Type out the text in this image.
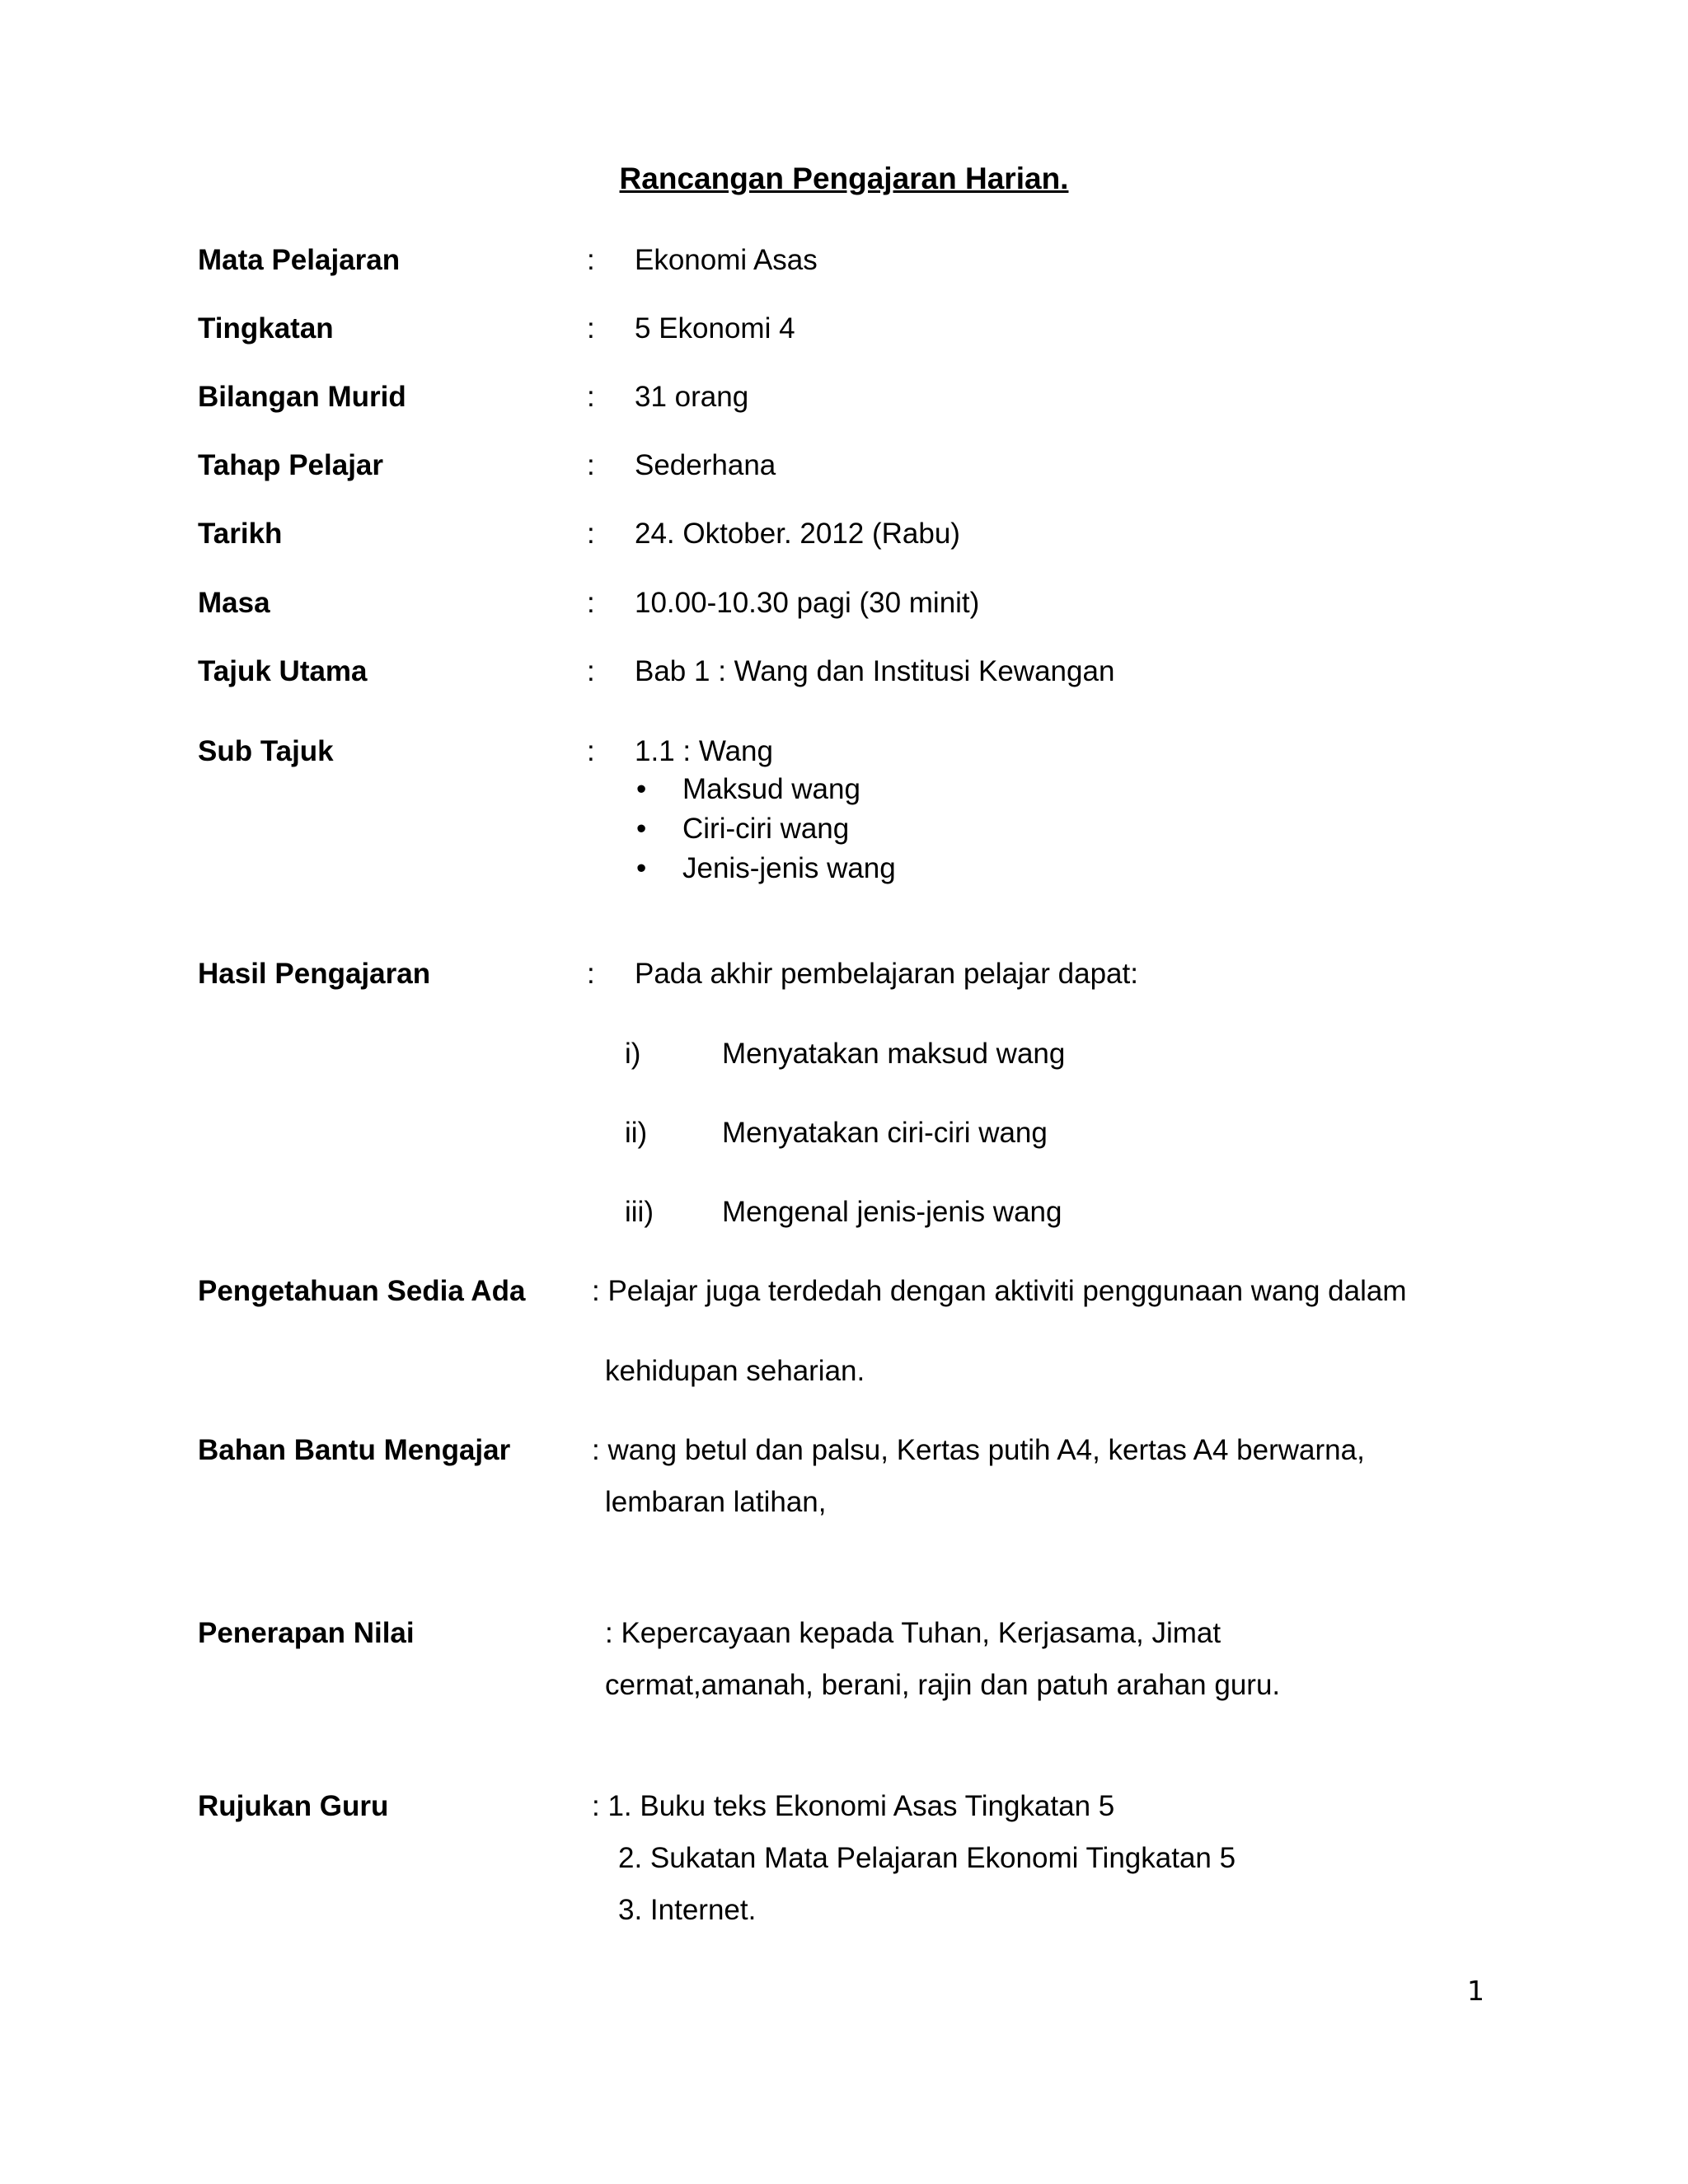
Rancangan Pengajaran Harian.
Mata Pelajaran	: Ekonomi Asas
Tingkatan	: 5 Ekonomi 4
Bilangan Murid	: 31 orang
Tahap Pelajar	: Sederhana
Tarikh	: 24. Oktober. 2012 (Rabu)
Masa	: 10.00-10.30 pagi (30 minit)
Tajuk Utama	: Bab 1 : Wang dan Institusi Kewangan
Sub Tajuk	: 1.1 : Wang
• Maksud wang
• Ciri-ciri wang
• Jenis-jenis wang
Hasil Pengajaran	: Pada akhir pembelajaran pelajar dapat:
i)	Menyatakan maksud wang
ii)	Menyatakan ciri-ciri wang
iii) Mengenal jenis-jenis wang
Pengetahuan Sedia Ada : Pelajar juga terdedah dengan aktiviti penggunaan wang dalam
kehidupan seharian.
Bahan Bantu Mengajar	: wang betul dan palsu, Kertas putih A4, kertas A4 berwarna,
lembaran latihan,
Penerapan Nilai	: Kepercayaan kepada Tuhan, Kerjasama, Jimat
cermat,amanah, berani, rajin dan patuh arahan guru.
Rujukan Guru	: 1. Buku teks Ekonomi Asas Tingkatan 5
2. Sukatan Mata Pelajaran Ekonomi Tingkatan 5
3. Internet.
1
